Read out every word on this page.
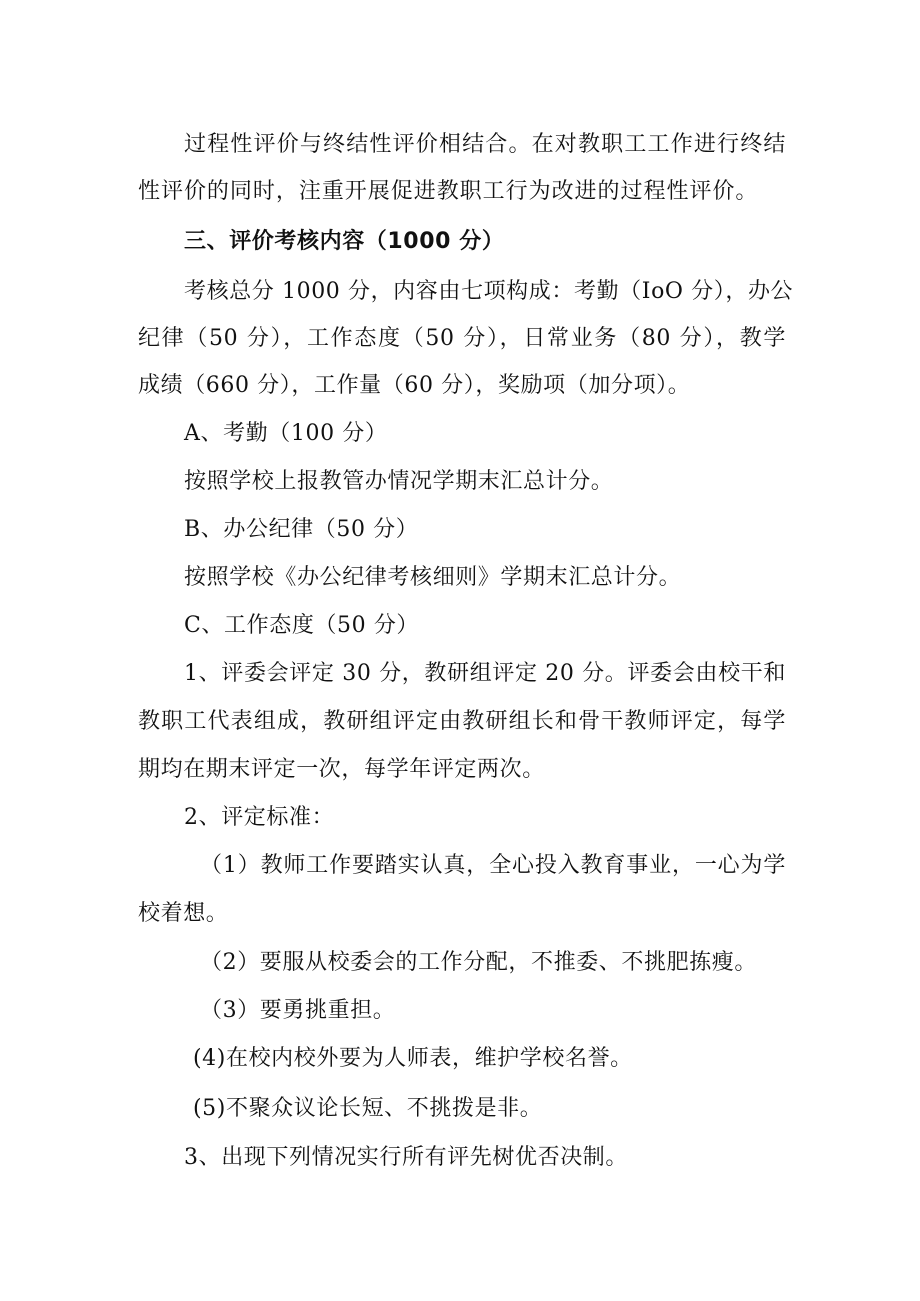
过程性评价与终结性评价相结合。在对教职工工作进行终结
性评价的同时，注重开展促进教职工行为改进的过程性评价。
三、评价考核内容（1000 分）
考核总分 1000 分，内容由七项构成：考勤（IoO 分），办公
纪律（50 分），工作态度（50 分），日常业务（80 分），教学
成绩（660 分），工作量（60 分），奖励项（加分项）。
A、考勤（100 分）
按照学校上报教管办情况学期末汇总计分。
B、办公纪律（50 分）
按照学校《办公纪律考核细则》学期末汇总计分。
C、工作态度（50 分）
1、评委会评定 30 分，教研组评定 20 分。评委会由校干和
教职工代表组成，教研组评定由教研组长和骨干教师评定，每学
期均在期末评定一次，每学年评定两次。
2、评定标准：
（1）教师工作要踏实认真，全心投入教育事业，一心为学
校着想。
（2）要服从校委会的工作分配，不推委、不挑肥拣瘦。
（3）要勇挑重担。
(4)在校内校外要为人师表，维护学校名誉。
(5)不聚众议论长短、不挑拨是非。
3、出现下列情况实行所有评先树优否决制。
